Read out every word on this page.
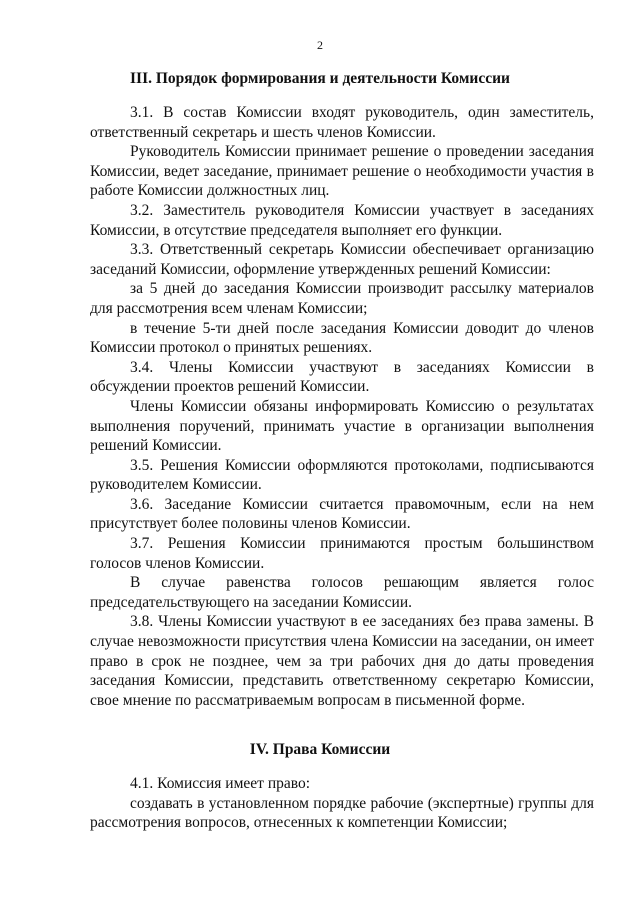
2
III. Порядок формирования и деятельности Комиссии

3.1. В состав Комиссии входят руководитель, один заместитель, ответственный секретарь и шесть членов Комиссии.

Руководитель Комиссии принимает решение о проведении заседания Комиссии, ведет заседание, принимает решение о необходимости участия в работе Комиссии должностных лиц.

3.2. Заместитель руководителя Комиссии участвует в заседаниях Комиссии, в отсутствие председателя выполняет его функции.

3.3. Ответственный секретарь Комиссии обеспечивает организацию заседаний Комиссии, оформление утвержденных решений Комиссии:

за 5 дней до заседания Комиссии производит рассылку материалов для рассмотрения всем членам Комиссии;

в течение 5-ти дней после заседания Комиссии доводит до членов Комиссии протокол о принятых решениях.

3.4. Члены Комиссии участвуют в заседаниях Комиссии в обсуждении проектов решений Комиссии.

Члены Комиссии обязаны информировать Комиссию о результатах выполнения поручений, принимать участие в организации выполнения решений Комиссии.

3.5. Решения Комиссии оформляются протоколами, подписываются руководителем Комиссии.

3.6. Заседание Комиссии считается правомочным, если на нем присутствует более половины членов Комиссии.

3.7. Решения Комиссии принимаются простым большинством голосов членов Комиссии.

В случае равенства голосов решающим является голос председательствующего на заседании Комиссии.

3.8. Члены Комиссии участвуют в ее заседаниях без права замены. В случае невозможности присутствия члена Комиссии на заседании, он имеет право в срок не позднее, чем за три рабочих дня до даты проведения заседания Комиссии, представить ответственному секретарю Комиссии, свое мнение по рассматриваемым вопросам в письменной форме.

IV. Права Комиссии

4.1. Комиссия имеет право:

создавать в установленном порядке рабочие (экспертные) группы для рассмотрения вопросов, отнесенных к компетенции Комиссии;
